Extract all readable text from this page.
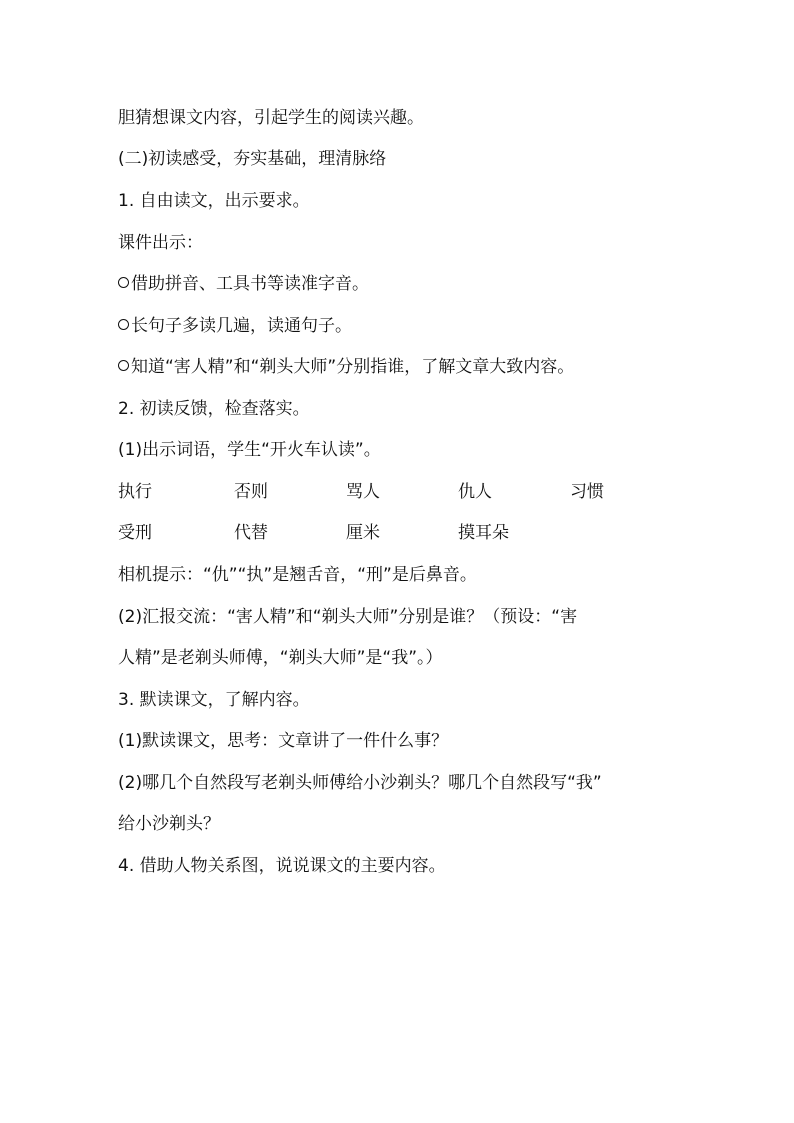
胆猜想课文内容，引起学生的阅读兴趣。
(二)初读感受，夯实基础，理清脉络
1. 自由读文，出示要求。
课件出示：
借助拼音、工具书等读准字音。
长句子多读几遍，读通句子。
知道“害人精”和“剃头大师”分别指谁，了解文章大致内容。
2. 初读反馈，检查落实。
(1)出示词语，学生“开火车认读”。
执行	否则	骂人	仇人	习惯
受刑	代替	厘米	摸耳朵
相机提示：“仇”“执”是翘舌音，“刑”是后鼻音。
(2)汇报交流：“害人精”和“剃头大师”分别是谁？（预设：“害
人精”是老剃头师傅，“剃头大师”是“我”。）
3. 默读课文，了解内容。
(1)默读课文，思考：文章讲了一件什么事？
(2)哪几个自然段写老剃头师傅给小沙剃头？哪几个自然段写“我”
给小沙剃头？
4. 借助人物关系图，说说课文的主要内容。
